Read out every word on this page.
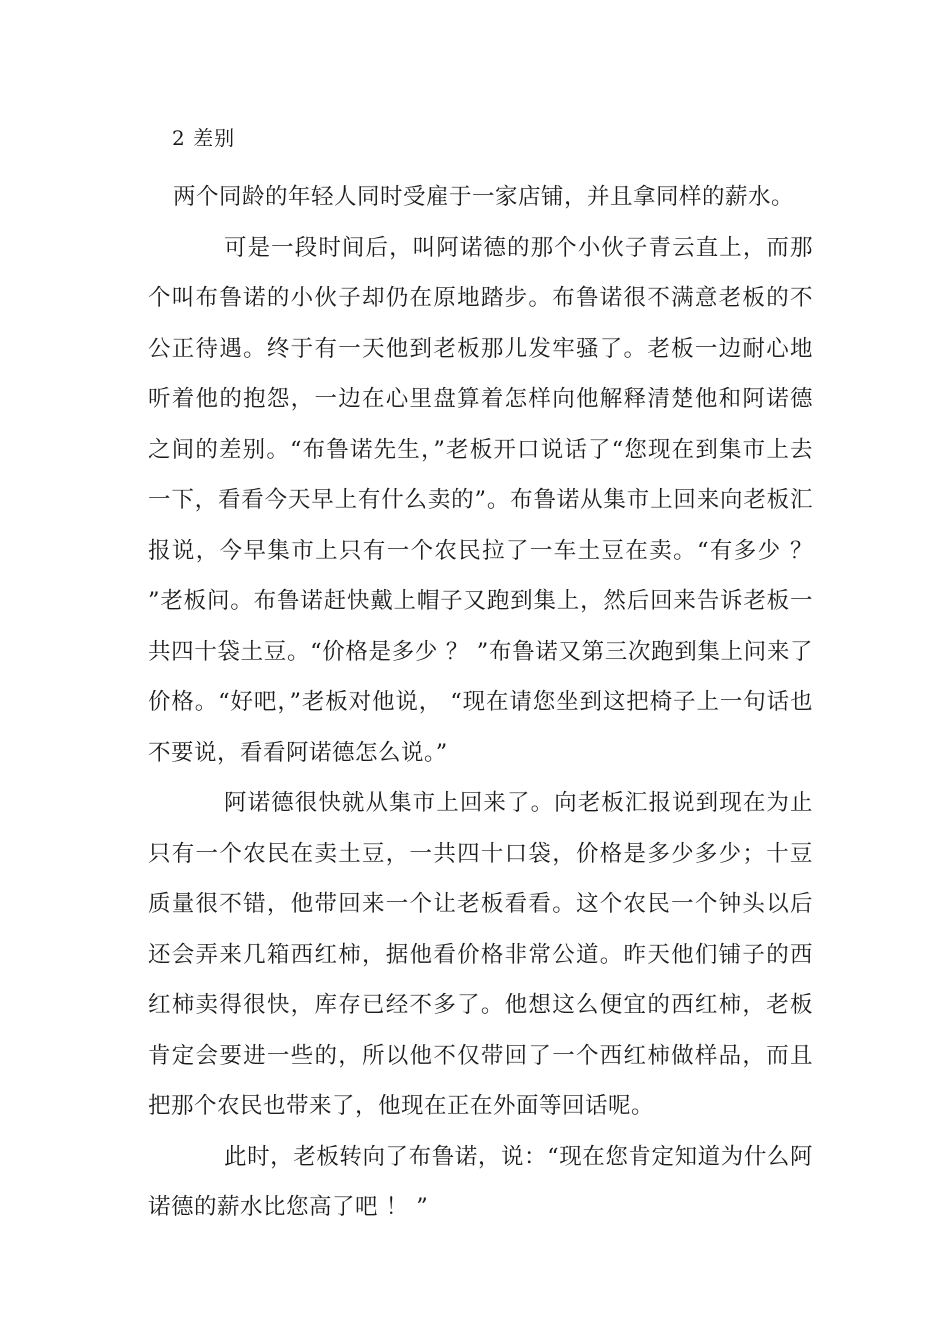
2 差别

两个同龄的年轻人同时受雇于一家店铺，并且拿同样的薪水。

可是一段时间后，叫阿诺德的那个小伙子青云直上，而那个叫布鲁诺的小伙子却仍在原地踏步。布鲁诺很不满意老板的不公正待遇。终于有一天他到老板那儿发牢骚了。老板一边耐心地听着他的抱怨，一边在心里盘算着怎样向他解释清楚他和阿诺德之间的差别。“布鲁诺先生，”老板开口说话了“您现在到集市上去一下，看看今天早上有什么卖的”。布鲁诺从集市上回来向老板汇报说，今早集市上只有一个农民拉了一车土豆在卖。“有多少 ？ ”老板问。布鲁诺赶快戴上帽子又跑到集上，然后回来告诉老板一共四十袋土豆。“价格是多少 ？ ”布鲁诺又第三次跑到集上问来了价格。“好吧，”老板对他说， “现在请您坐到这把椅子上一句话也不要说，看看阿诺德怎么说。”

阿诺德很快就从集市上回来了。向老板汇报说到现在为止只有一个农民在卖土豆，一共四十口袋，价格是多少多少；十豆质量很不错，他带回来一个让老板看看。这个农民一个钟头以后还会弄来几箱西红柿，据他看价格非常公道。昨天他们铺子的西红柿卖得很快，库存已经不多了。他想这么便宜的西红柿，老板肯定会要进一些的，所以他不仅带回了一个西红柿做样品，而且把那个农民也带来了，他现在正在外面等回话呢。

此时，老板转向了布鲁诺，说：“现在您肯定知道为什么阿诺德的薪水比您高了吧 ！ ”
